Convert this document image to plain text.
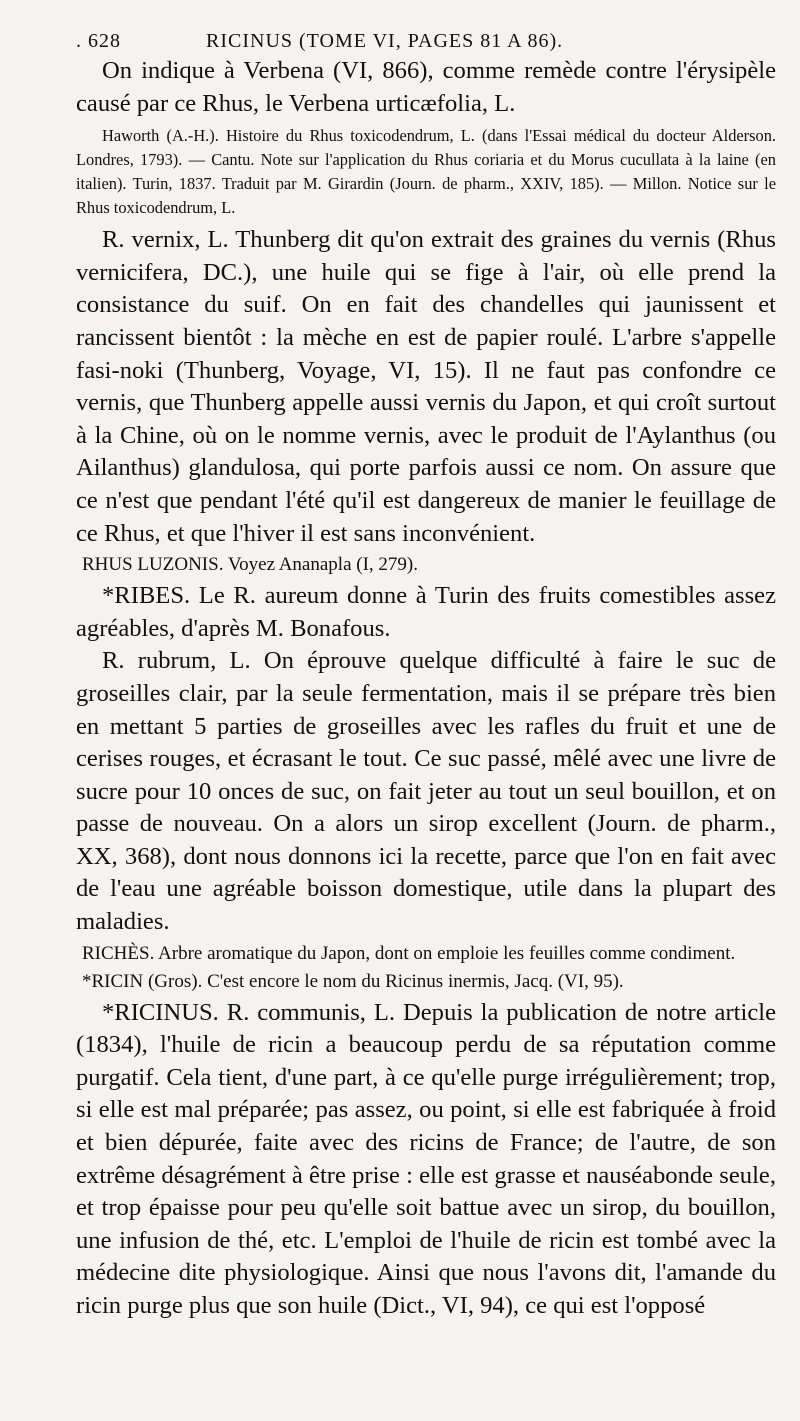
. 628	RICINUS (TOME VI, PAGES 81 A 86).

On indique à Verbena (VI, 866), comme remède contre l'érysipèle causé par ce Rhus, le Verbena urticæfolia, L.

Haworth (A.-H.). Histoire du Rhus toxicodendrum, L. (dans l'Essai médical du docteur Alderson. Londres, 1793). — Cantu. Note sur l'application du Rhus coriaria et du Morus cucullata à la laine (en italien). Turin, 1837. Traduit par M. Girardin (Journ. de pharm., XXIV, 185). — Millon. Notice sur le Rhus toxicodendrum, L.

R. vernix, L. Thunberg dit qu'on extrait des graines du vernis (Rhus vernicifera, DC.), une huile qui se fige à l'air, où elle prend la consistance du suif. On en fait des chandelles qui jaunissent et rancissent bientôt : la mèche en est de papier roulé. L'arbre s'appelle fasi-noki (Thunberg, Voyage, VI, 15). Il ne faut pas confondre ce vernis, que Thunberg appelle aussi vernis du Japon, et qui croît surtout à la Chine, où on le nomme vernis, avec le produit de l'Aylanthus (ou Ailanthus) glandulosa, qui porte parfois aussi ce nom. On assure que ce n'est que pendant l'été qu'il est dangereux de manier le feuillage de ce Rhus, et que l'hiver il est sans inconvénient.

RHUS LUZONIS. Voyez Ananapla (I, 279).

*RIBES. Le R. aureum donne à Turin des fruits comestibles assez agréables, d'après M. Bonafous.

R. rubrum, L. On éprouve quelque difficulté à faire le suc de groseilles clair, par la seule fermentation, mais il se prépare très bien en mettant 5 parties de groseilles avec les rafles du fruit et une de cerises rouges, et écrasant le tout. Ce suc passé, mêlé avec une livre de sucre pour 10 onces de suc, on fait jeter au tout un seul bouillon, et on passe de nouveau. On a alors un sirop excellent (Journ. de pharm., XX, 368), dont nous donnons ici la recette, parce que l'on en fait avec de l'eau une agréable boisson domestique, utile dans la plupart des maladies.

RICHÈS. Arbre aromatique du Japon, dont on emploie les feuilles comme condiment.

*RICIN (Gros). C'est encore le nom du Ricinus inermis, Jacq. (VI, 95).

*RICINUS. R. communis, L. Depuis la publication de notre article (1834), l'huile de ricin a beaucoup perdu de sa réputation comme purgatif. Cela tient, d'une part, à ce qu'elle purge irrégulièrement; trop, si elle est mal préparée; pas assez, ou point, si elle est fabriquée à froid et bien dépurée, faite avec des ricins de France; de l'autre, de son extrême désagrément à être prise : elle est grasse et nauséabonde seule, et trop épaisse pour peu qu'elle soit battue avec un sirop, du bouillon, une infusion de thé, etc. L'emploi de l'huile de ricin est tombé avec la médecine dite physiologique. Ainsi que nous l'avons dit, l'amande du ricin purge plus que son huile (Dict., VI, 94), ce qui est l'opposé
